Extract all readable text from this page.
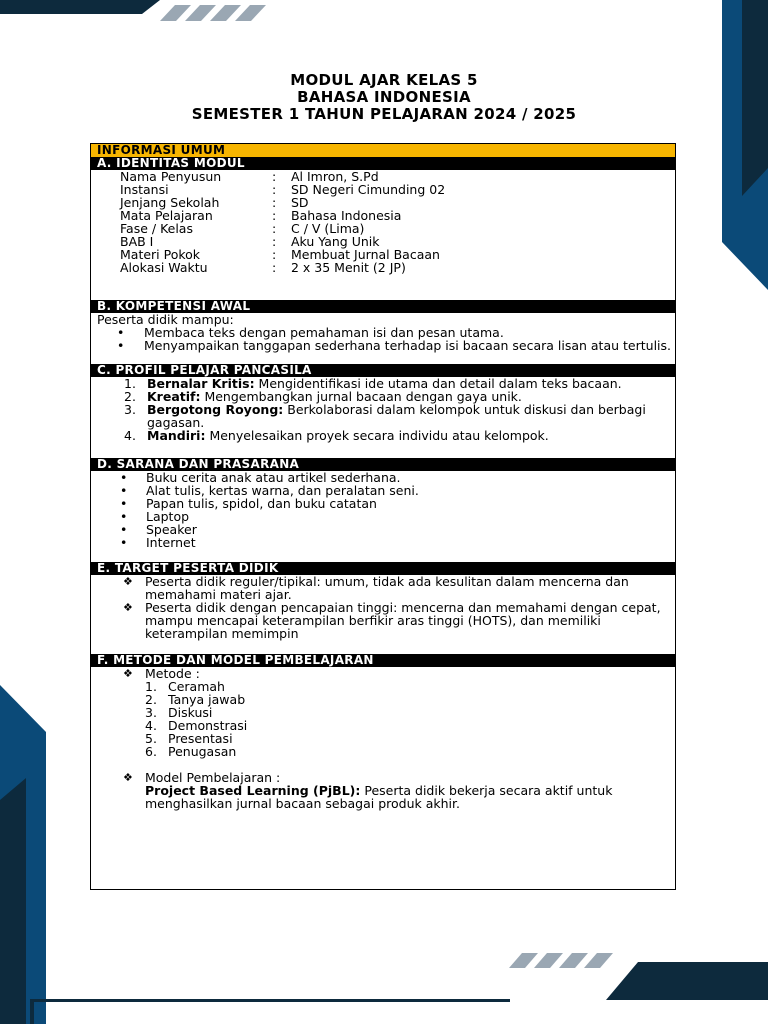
MODUL AJAR KELAS 5
BAHASA INDONESIA
SEMESTER 1 TAHUN PELAJARAN 2024 / 2025
INFORMASI UMUM
A. IDENTITAS MODUL
Nama Penyusun	:	Al Imron, S.Pd
Instansi	:	SD Negeri Cimunding 02
Jenjang Sekolah	:	SD
Mata Pelajaran	:	Bahasa Indonesia
Fase / Kelas	:	C / V (Lima)
BAB I	:	Aku Yang Unik
Materi Pokok	:	Membuat Jurnal Bacaan
Alokasi Waktu	:	2 x 35 Menit (2 JP)
B. KOMPETENSI AWAL
Peserta didik mampu:
• Membaca teks dengan pemahaman isi dan pesan utama.
• Menyampaikan tanggapan sederhana terhadap isi bacaan secara lisan atau tertulis.
C. PROFIL PELAJAR PANCASILA
1. Bernalar Kritis: Mengidentifikasi ide utama dan detail dalam teks bacaan.
2. Kreatif: Mengembangkan jurnal bacaan dengan gaya unik.
3. Bergotong Royong: Berkolaborasi dalam kelompok untuk diskusi dan berbagi gagasan.
4. Mandiri: Menyelesaikan proyek secara individu atau kelompok.
D. SARANA DAN PRASARANA
• Buku cerita anak atau artikel sederhana.
• Alat tulis, kertas warna, dan peralatan seni.
• Papan tulis, spidol, dan buku catatan
• Laptop
• Speaker
• Internet
E. TARGET PESERTA DIDIK
❖ Peserta didik reguler/tipikal: umum, tidak ada kesulitan dalam mencerna dan memahami materi ajar.
❖ Peserta didik dengan pencapaian tinggi: mencerna dan memahami dengan cepat, mampu mencapai keterampilan berfikir aras tinggi (HOTS), dan memiliki keterampilan memimpin
F. METODE DAN MODEL PEMBELAJARAN
❖ Metode :
1. Ceramah
2. Tanya jawab
3. Diskusi
4. Demonstrasi
5. Presentasi
6. Penugasan
❖ Model Pembelajaran :
Project Based Learning (PjBL): Peserta didik bekerja secara aktif untuk menghasilkan jurnal bacaan sebagai produk akhir.
